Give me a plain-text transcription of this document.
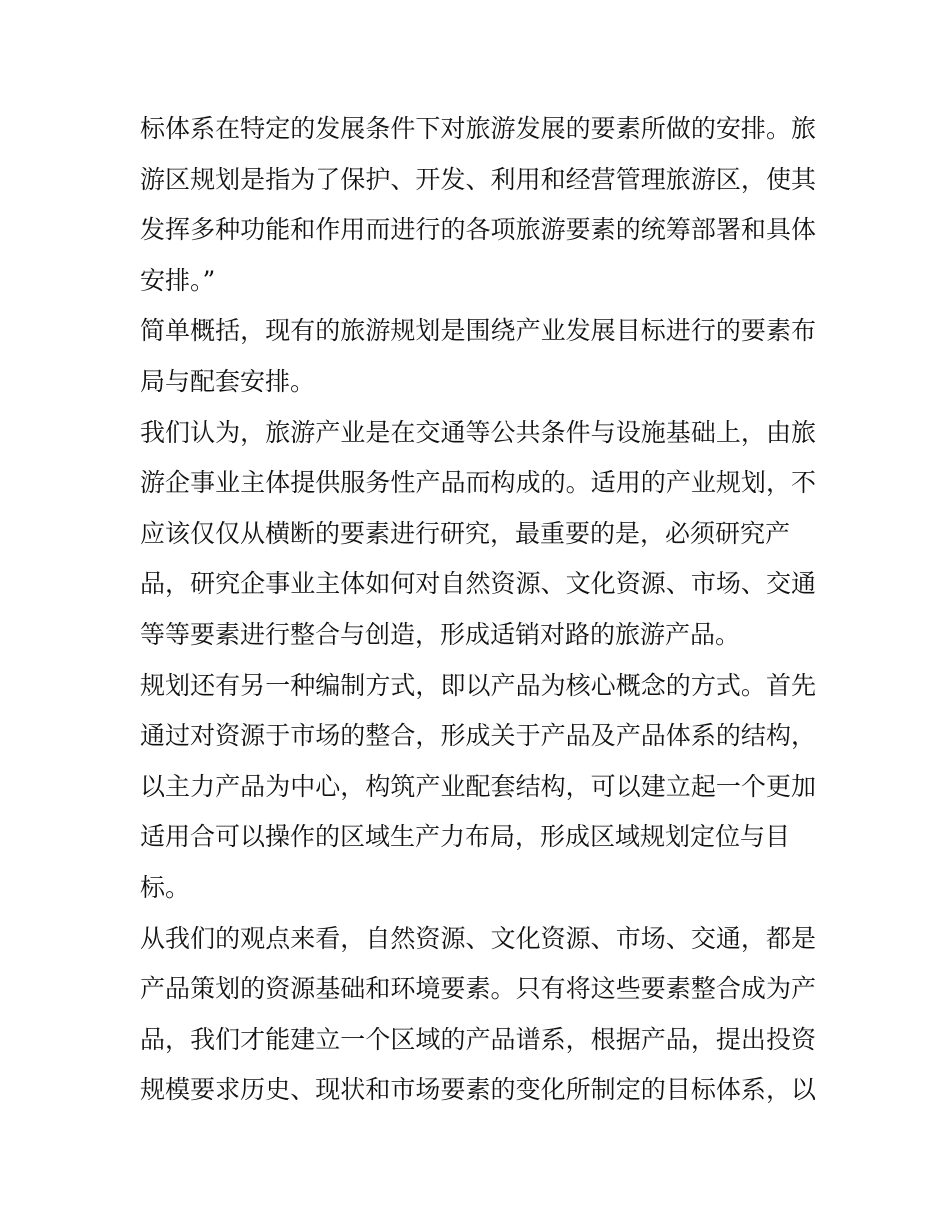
标体系在特定的发展条件下对旅游发展的要素所做的安排。旅
游区规划是指为了保护、开发、利用和经营管理旅游区，使其
发挥多种功能和作用而进行的各项旅游要素的统筹部署和具体
安排。”
简单概括，现有的旅游规划是围绕产业发展目标进行的要素布
局与配套安排。
我们认为，旅游产业是在交通等公共条件与设施基础上，由旅
游企事业主体提供服务性产品而构成的。适用的产业规划，不
应该仅仅从横断的要素进行研究，最重要的是，必须研究产
品，研究企事业主体如何对自然资源、文化资源、市场、交通
等等要素进行整合与创造，形成适销对路的旅游产品。
规划还有另一种编制方式，即以产品为核心概念的方式。首先
通过对资源于市场的整合，形成关于产品及产品体系的结构，
以主力产品为中心，构筑产业配套结构，可以建立起一个更加
适用合可以操作的区域生产力布局，形成区域规划定位与目
标。
从我们的观点来看，自然资源、文化资源、市场、交通，都是
产品策划的资源基础和环境要素。只有将这些要素整合成为产
品，我们才能建立一个区域的产品谱系，根据产品，提出投资
规模要求历史、现状和市场要素的变化所制定的目标体系，以
